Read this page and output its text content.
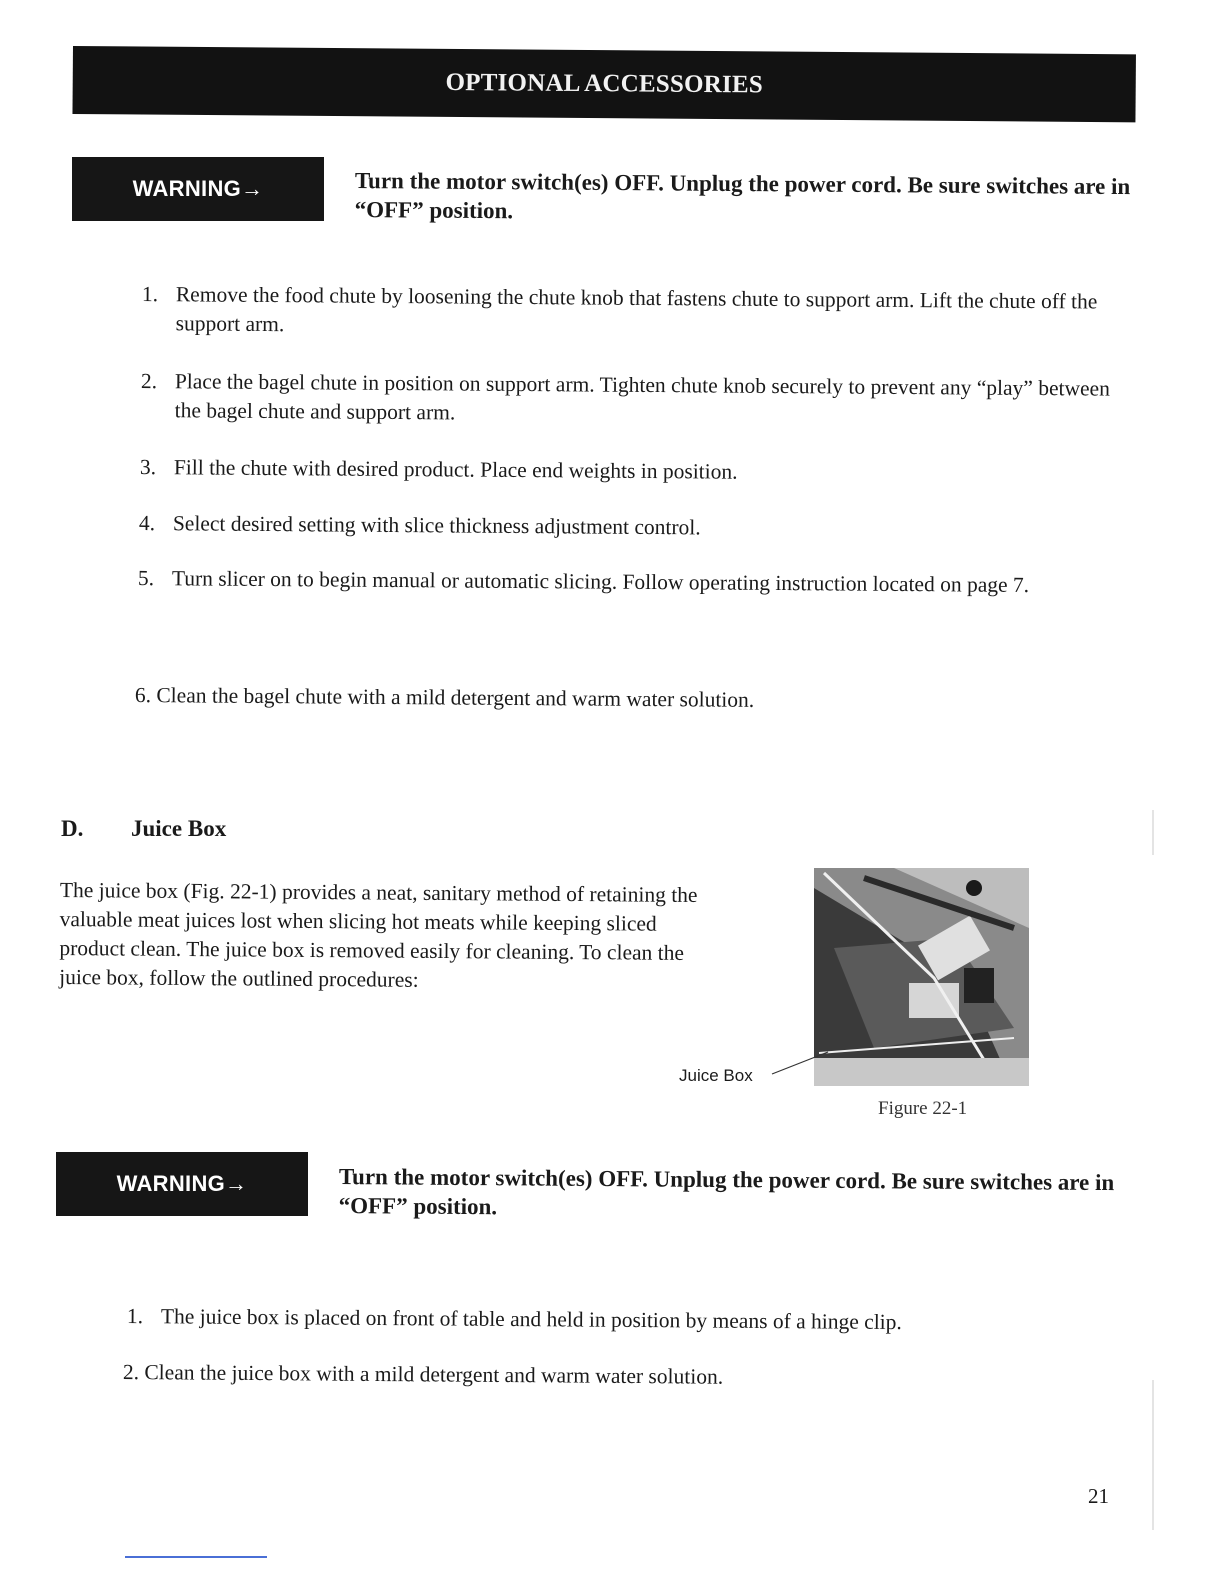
OPTIONAL ACCESSORIES
WARNING→	Turn the motor switch(es) OFF. Unplug the power cord. Be sure switches are in “OFF” position.
1. Remove the food chute by loosening the chute knob that fastens chute to support arm. Lift the chute off the support arm.
2. Place the bagel chute in position on support arm. Tighten chute knob securely to prevent any “play” between the bagel chute and support arm.
3. Fill the chute with desired product. Place end weights in position.
4. Select desired setting with slice thickness adjustment control.
5. Turn slicer on to begin manual or automatic slicing. Follow operating instruction located on page 7.
6. Clean the bagel chute with a mild detergent and warm water solution.
D. Juice Box
The juice box (Fig. 22-1) provides a neat, sanitary method of retaining the valuable meat juices lost when slicing hot meats while keeping sliced product clean. The juice box is removed easily for cleaning. To clean the juice box, follow the outlined procedures:
Juice Box
Figure 22-1
WARNING→	Turn the motor switch(es) OFF. Unplug the power cord. Be sure switches are in “OFF” position.
1. The juice box is placed on front of table and held in position by means of a hinge clip.
2. Clean the juice box with a mild detergent and warm water solution.
21
